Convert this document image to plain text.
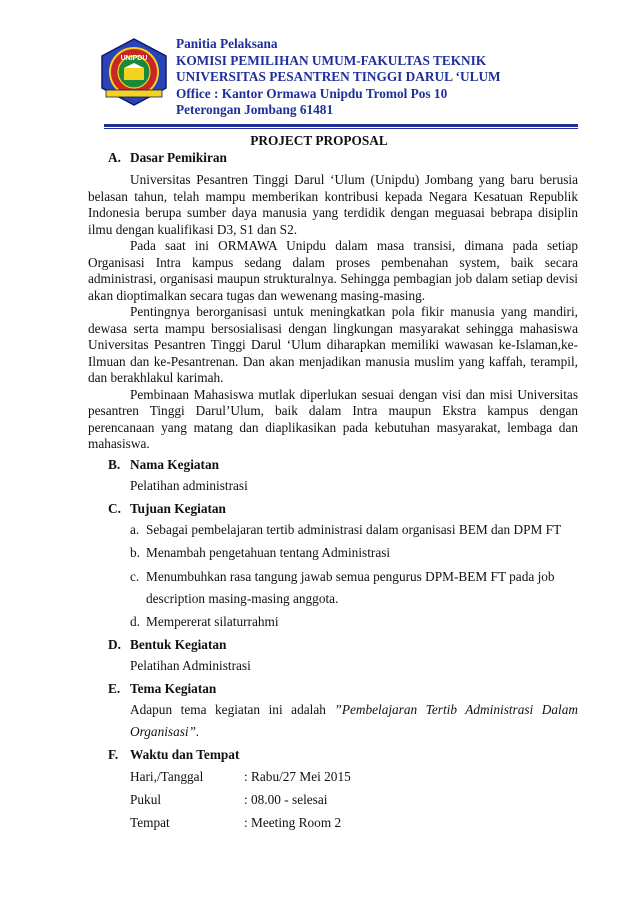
UNIPDU
Panitia Pelaksana
KOMISI PEMILIHAN UMUM-FAKULTAS TEKNIK
UNIVERSITAS PESANTREN TINGGI DARUL ‘ULUM
Office : Kantor Ormawa Unipdu Tromol Pos 10
Peterongan Jombang 61481
PROJECT PROPOSAL
A. Dasar Pemikiran

Universitas Pesantren Tinggi Darul ‘Ulum (Unipdu) Jombang yang baru berusia belasan tahun, telah mampu memberikan kontribusi kepada Negara Kesatuan Republik Indonesia berupa sumber daya manusia yang terdidik dengan meguasai bebrapa disiplin ilmu dengan kualifikasi D3, S1 dan S2.

Pada saat ini ORMAWA Unipdu dalam masa transisi, dimana pada setiap Organisasi Intra kampus sedang dalam proses pembenahan system, baik secara administrasi, organisasi maupun strukturalnya. Sehingga pembagian job dalam setiap devisi akan dioptimalkan secara tugas dan wewenang masing-masing.

Pentingnya berorganisasi untuk meningkatkan pola fikir manusia yang mandiri, dewasa serta mampu bersosialisasi dengan lingkungan masyarakat sehingga mahasiswa Universitas Pesantren Tinggi Darul ‘Ulum diharapkan memiliki wawasan ke-Islaman,ke-Ilmuan dan ke-Pesantrenan. Dan akan menjadikan manusia muslim yang kaffah, terampil, dan berakhlakul karimah.

Pembinaan Mahasiswa mutlak diperlukan sesuai dengan visi dan misi Universitas pesantren Tinggi Darul’Ulum, baik dalam Intra maupun Ekstra kampus dengan perencanaan yang matang dan diaplikasikan pada kebutuhan masyarakat, lembaga dan mahasiswa.

B. Nama Kegiatan
Pelatihan administrasi
C. Tujuan Kegiatan
a. Sebagai pembelajaran tertib administrasi dalam organisasi BEM dan DPM FT
b. Menambah pengetahuan tentang Administrasi
c. Menumbuhkan rasa tangung jawab semua pengurus DPM-BEM FT pada job description masing-masing anggota.
d. Mempererat silaturrahmi
D. Bentuk Kegiatan
Pelatihan Administrasi
E. Tema Kegiatan
Adapun tema kegiatan ini adalah ”Pembelajaran Tertib Administrasi Dalam Organisasi”.
F. Waktu dan Tempat
Hari,/Tanggal	: Rabu/27 Mei 2015
Pukul	: 08.00 - selesai
Tempat	: Meeting Room 2
